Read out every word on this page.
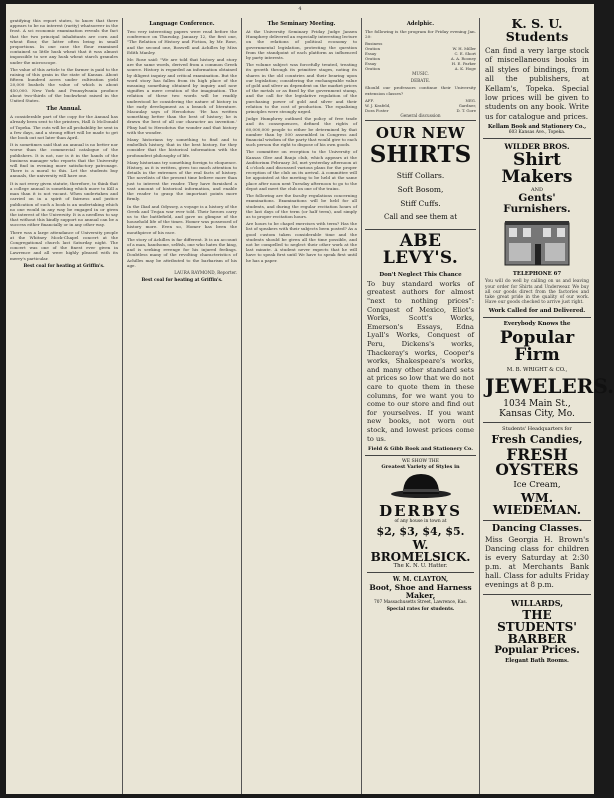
4

gratifying this report states, to know that there appears to be no interest (rarity) whatsoever in the frost. A sci economic examination reveals the fact that the two principal inhabitants are corn and wheat flour, the latter often being in small proportions. In one case the flour examined contained so little husk wheat that it was almost impossible to see any husk wheat starch granules under the microscope.

The value of this article to the farmer is paid to the raising of this grain in the state of Kansas. About fifteen hundred acres under cultivation yield 20,000 bushels the value of which is about $50,000. New York and Pennsylvania produce about two-thirds of the buckwheat raised in the United States.

The Annual.

A considerable part of the copy for the Annual has already been sent to the printers, Hall & McDonald of Topeka. The cuts will be all probability be sent in a few days, and a strong effort will be made to get the book out not later than April.

It is sometimes said that an annual is no better nor worse than the commercial catalogue of the publishers. It is not, nor is it in the hands of the business manager who reports that the University will find in evening more satisfactory patronage. There is a moral to this. Let the students buy annuals, the university will have one.

It is not every given statute, therefore, to think that a college annual is something which more to Kill a man than it is not vacant. When undertaken and carried on in a spirit of fairness and justice publication of such a book is an undertaking which no one would in any way be engaged in or given the interest of the University. It is a needless to say that without this kindly support no annual can be a success either financially or in any other way.

There was a large attendance of University people at the Whitney Mock-Chapel concert at the Congregational church last Saturday night. The concert was one of the finest ever given in Lawrence and all were highly pleased with its merry's particular.

Best coal for heating at Griffin's.
Language Conference.

Two very interesting papers were read before the conference on Thursday, January 12, the first one, "The Relation of History and Fiction, by Mr. Rose, and the second one, Boswell and Achilles by Miss Edith Manley.

Mr. Rose said: "We are told that history and story are the same words, derived from a common Greek source. History is regarded an information obtained by diligent inquiry and critical examination. But the word story has fallen from its high place of the meaning something obtained by inquiry and now signifies a mere creation of the imagination. The relation of these two words will be readily understood he considering the nature of history in the early development as a branch of literature. Macaulay says of Herodotus: 'He has written something better than the best of history; he is drawn the best of all our character an invention.' Pliny had to Herodotus the wonder and that history with the wonder.

Many historians try something to find and to embellish history, that in the best history, for they consider that the historical information with the profoundest philosophy of life.

Many historians try something foreign to eloquence. History, as it is written, gives too much attention to details in the extremes of the real facts of history. The novelists of the present time believe more than just to interest the reader. They have furnished a vast amount of historical information, and enable the reader to grasp the important points more firmly.

In the Iliad and Odyssey, a voyage is a history of the Greek and Trojan war ever told. Their heroes carry us to the battlefield, and gave us glimpse of the household life of the times. Homer was possessed of history more. Even so, Homer has been the mouthpiece of his race.

The story of Achilles is far different. It is an account of a man, handsome, selfish, one who hates the king, and is seeking revenge for his injured feelings. Doubtless many of the revolting characteristics of Achilles may be attributed to the barbarism of his age.

LAURA RAYMOND, Reporter.
Best coal for heating at Griffin's.
The Seminary Meeting.

At the University Seminary Friday Judge Jansen Humphrey delivered an especially interesting lecture on the relations of political economy to governmental legislation, protesting the question from the standpoint of each platform as influenced by party interests.

The volume subject was forcefully treated, treating its growth through its primitive stages, noting its shares in the old countries and their bearing upon our legislation; considering the exchangeable value of gold and silver as dependent on the market prices of the metals or as fixed by the government stamp, and the call for the legislative regulation of the purchasing power of gold and silver and their relation to the cost of production. The equalizing principles were strongly urged.

Judge Humphrey outlined the policy of free trade and its consequences, defined the rights of 60,000,000 people to either be determined by that number than by 500 assembled in Congress and financial wisdom of the party that would give to each such person the right to dispose of his own goods.

The committee on reception to the University of Kansas Glee and Banjo club, which appears at the Auditorium February 3d, met yesterday afternoon at 4 o'clock and discussed various plans for the proper reception of the club on its arrival. A committee will be appointed at the meeting to be held at the same place after noon next Tuesday afternoon to go to the depot and meet the club on one of the trains.

The following are the faculty regulations concerning examinations. Examinations will be held for all students, and during the regular recitation hours of the last days of the term (or half term), and simply as to proper recitation hours.

Are hours to be chapel exercises with term? Has the list of speakers with their subjects been posted? As a good custom taken considerable time and the students should be given all the time possible, and not be compelled to neglect their other work at the last minute. A student never expects that he will have to speak first until We have to speak first until he has a paper.

Adelphic.

The following is the program for Friday evening Jan. 20:

Business
Oration	W. H. Miller
Essay	C. E. Short
Oration	A. A. Rooney
Essay	H. E. Parker
Oration	A. K. Hoge
MUSIC.
DEBATE.

Should our professors continue their University extension classes?

AFF.	NEG.
W. J. Krafeld,	Gardner,
Dora Foster	D. T. Gore
General discussion
OUR NEW
SHIRTS
Stiff Collars.
Soft Bosom,
Stiff Cuffs.
Call and see them at
ABE LEVY'S.
Don't Neglect This Chance

To buy standard works of greatest authors for almost "next to nothing prices": Conquest of Mexico, Eliot's Works, Scott's Works, Emerson's Essays, Edna Lyall's Works, Conquest of Peru, Dickens's works, Thackeray's works, Cooper's works, Shakespeare's works, and many other standard sets at prices so low that we do not care to quote them in these columns, for we want you to come to our store and find out for yourselves. If you want new books, not worn out stock, and lowest prices come to us.

Field & Gibb Book and Stationery Co.
WE SHOW THE
Greatest Variety of Styles in
DERBYS
of any house in town at
$2, $3, $4, $5.
W. BROMELSICK.
The K. N. U. Hatter.
W. M. CLAYTON,
Boot, Shoe and Harness Maker,
707 Massachusetts Street, Lawrence, Kas.
Special rates for students.
K. S. U. Students

Can find a very large stock of miscellaneous books in all styles of bindings, from all the publishers, at Kellam's, Topeka. Special low prices will be given to students on any book. Write us for catalogue and prices.

Kellam Book and Stationery Co.,
603 Kansas Ave., Topeka.
WILDER BROS.
Shirt Makers
AND
Gents' Furnishers.
TELEPHONE 67

You will do well by calling on us and leaving your order for Shirts and Underwear. We buy all our goods direct from the factories and take great pride in the quality of our work. Have our goods checked to arrive just right.

Work Called for and Delivered.
Everybody Knows the
Popular Firm
M. B. WRIGHT & CO.,
JEWELERS.
1034 Main St.,
Kansas City, Mo.
Students' Headquarters for
Fresh Candies,
FRESH OYSTERS
Ice Cream,
WM. WIEDEMAN.
Dancing Classes.

Miss Georgia H. Brown's Dancing class for children is every Saturday at 2:30 p.m. at Merchants Bank hall. Class for adults Friday evenings at 8 p.m.

WILLARDS,
THE STUDENTS' BARBER
Popular Prices.
Elegant Bath Rooms.
